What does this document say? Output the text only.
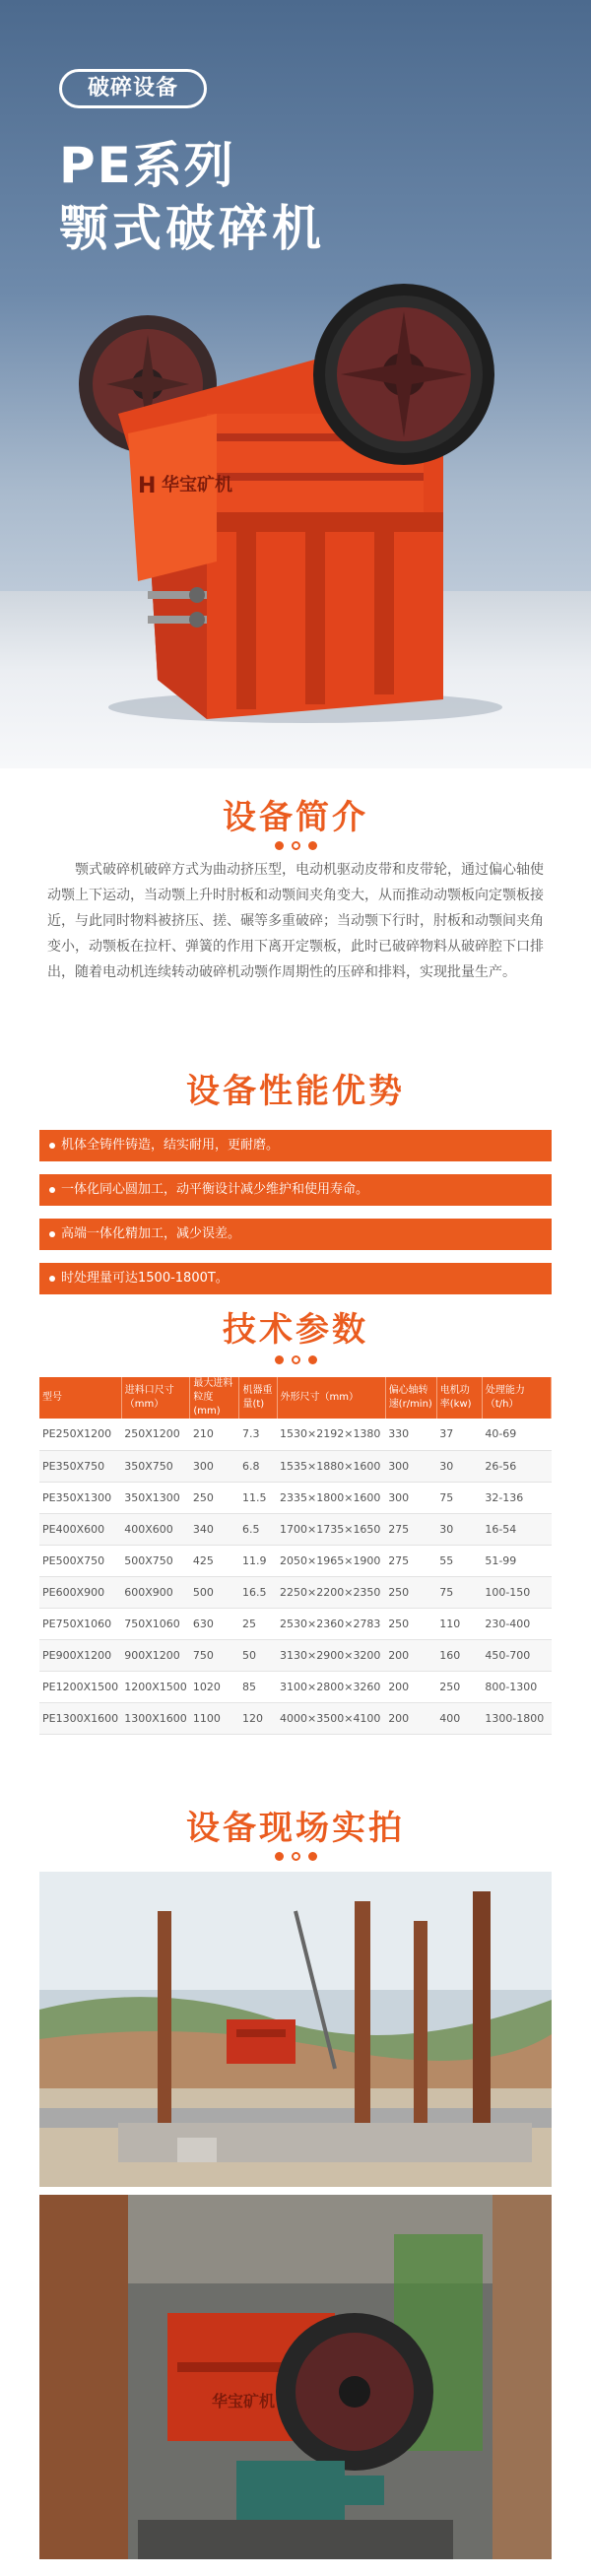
破碎设备
PE系列
颚式破碎机
H 华宝矿机
设备简介

颚式破碎机破碎方式为曲动挤压型，电动机驱动皮带和皮带轮，通过偏心轴使动颚上下运动，当动颚上升时肘板和动颚间夹角变大，从而推动动颚板向定颚板接近，与此同时物料被挤压、搓、碾等多重破碎；当动颚下行时，肘板和动颚间夹角变小，动颚板在拉杆、弹簧的作用下离开定颚板，此时已破碎物料从破碎腔下口排出，随着电动机连续转动破碎机动颚作周期性的压碎和排料，实现批量生产。

设备性能优势
机体全铸件铸造，结实耐用，更耐磨。
一体化同心圆加工，动平衡设计减少维护和使用寿命。
高端一体化精加工，减少误差。
时处理量可达1500-1800T。
技术参数
型号	进料口尺寸（mm）	最大进料粒度(mm)	机器重量(t)	外形尺寸（mm）	偏心轴转速(r/min)	电机功率(kw)	处理能力（t/h）
PE250X1200	250X1200	210	7.3	1530×2192×1380	330	37	40-69
PE350X750	350X750	300	6.8	1535×1880×1600	300	30	26-56
PE350X1300	350X1300	250	11.5	2335×1800×1600	300	75	32-136
PE400X600	400X600	340	6.5	1700×1735×1650	275	30	16-54
PE500X750	500X750	425	11.9	2050×1965×1900	275	55	51-99
PE600X900	600X900	500	16.5	2250×2200×2350	250	75	100-150
PE750X1060	750X1060	630	25	2530×2360×2783	250	110	230-400
PE900X1200	900X1200	750	50	3130×2900×3200	200	160	450-700
PE1200X1500	1200X1500	1020	85	3100×2800×3260	200	250	800-1300
PE1300X1600	1300X1600	1100	120	4000×3500×4100	200	400	1300-1800
设备现场实拍
华宝矿机
